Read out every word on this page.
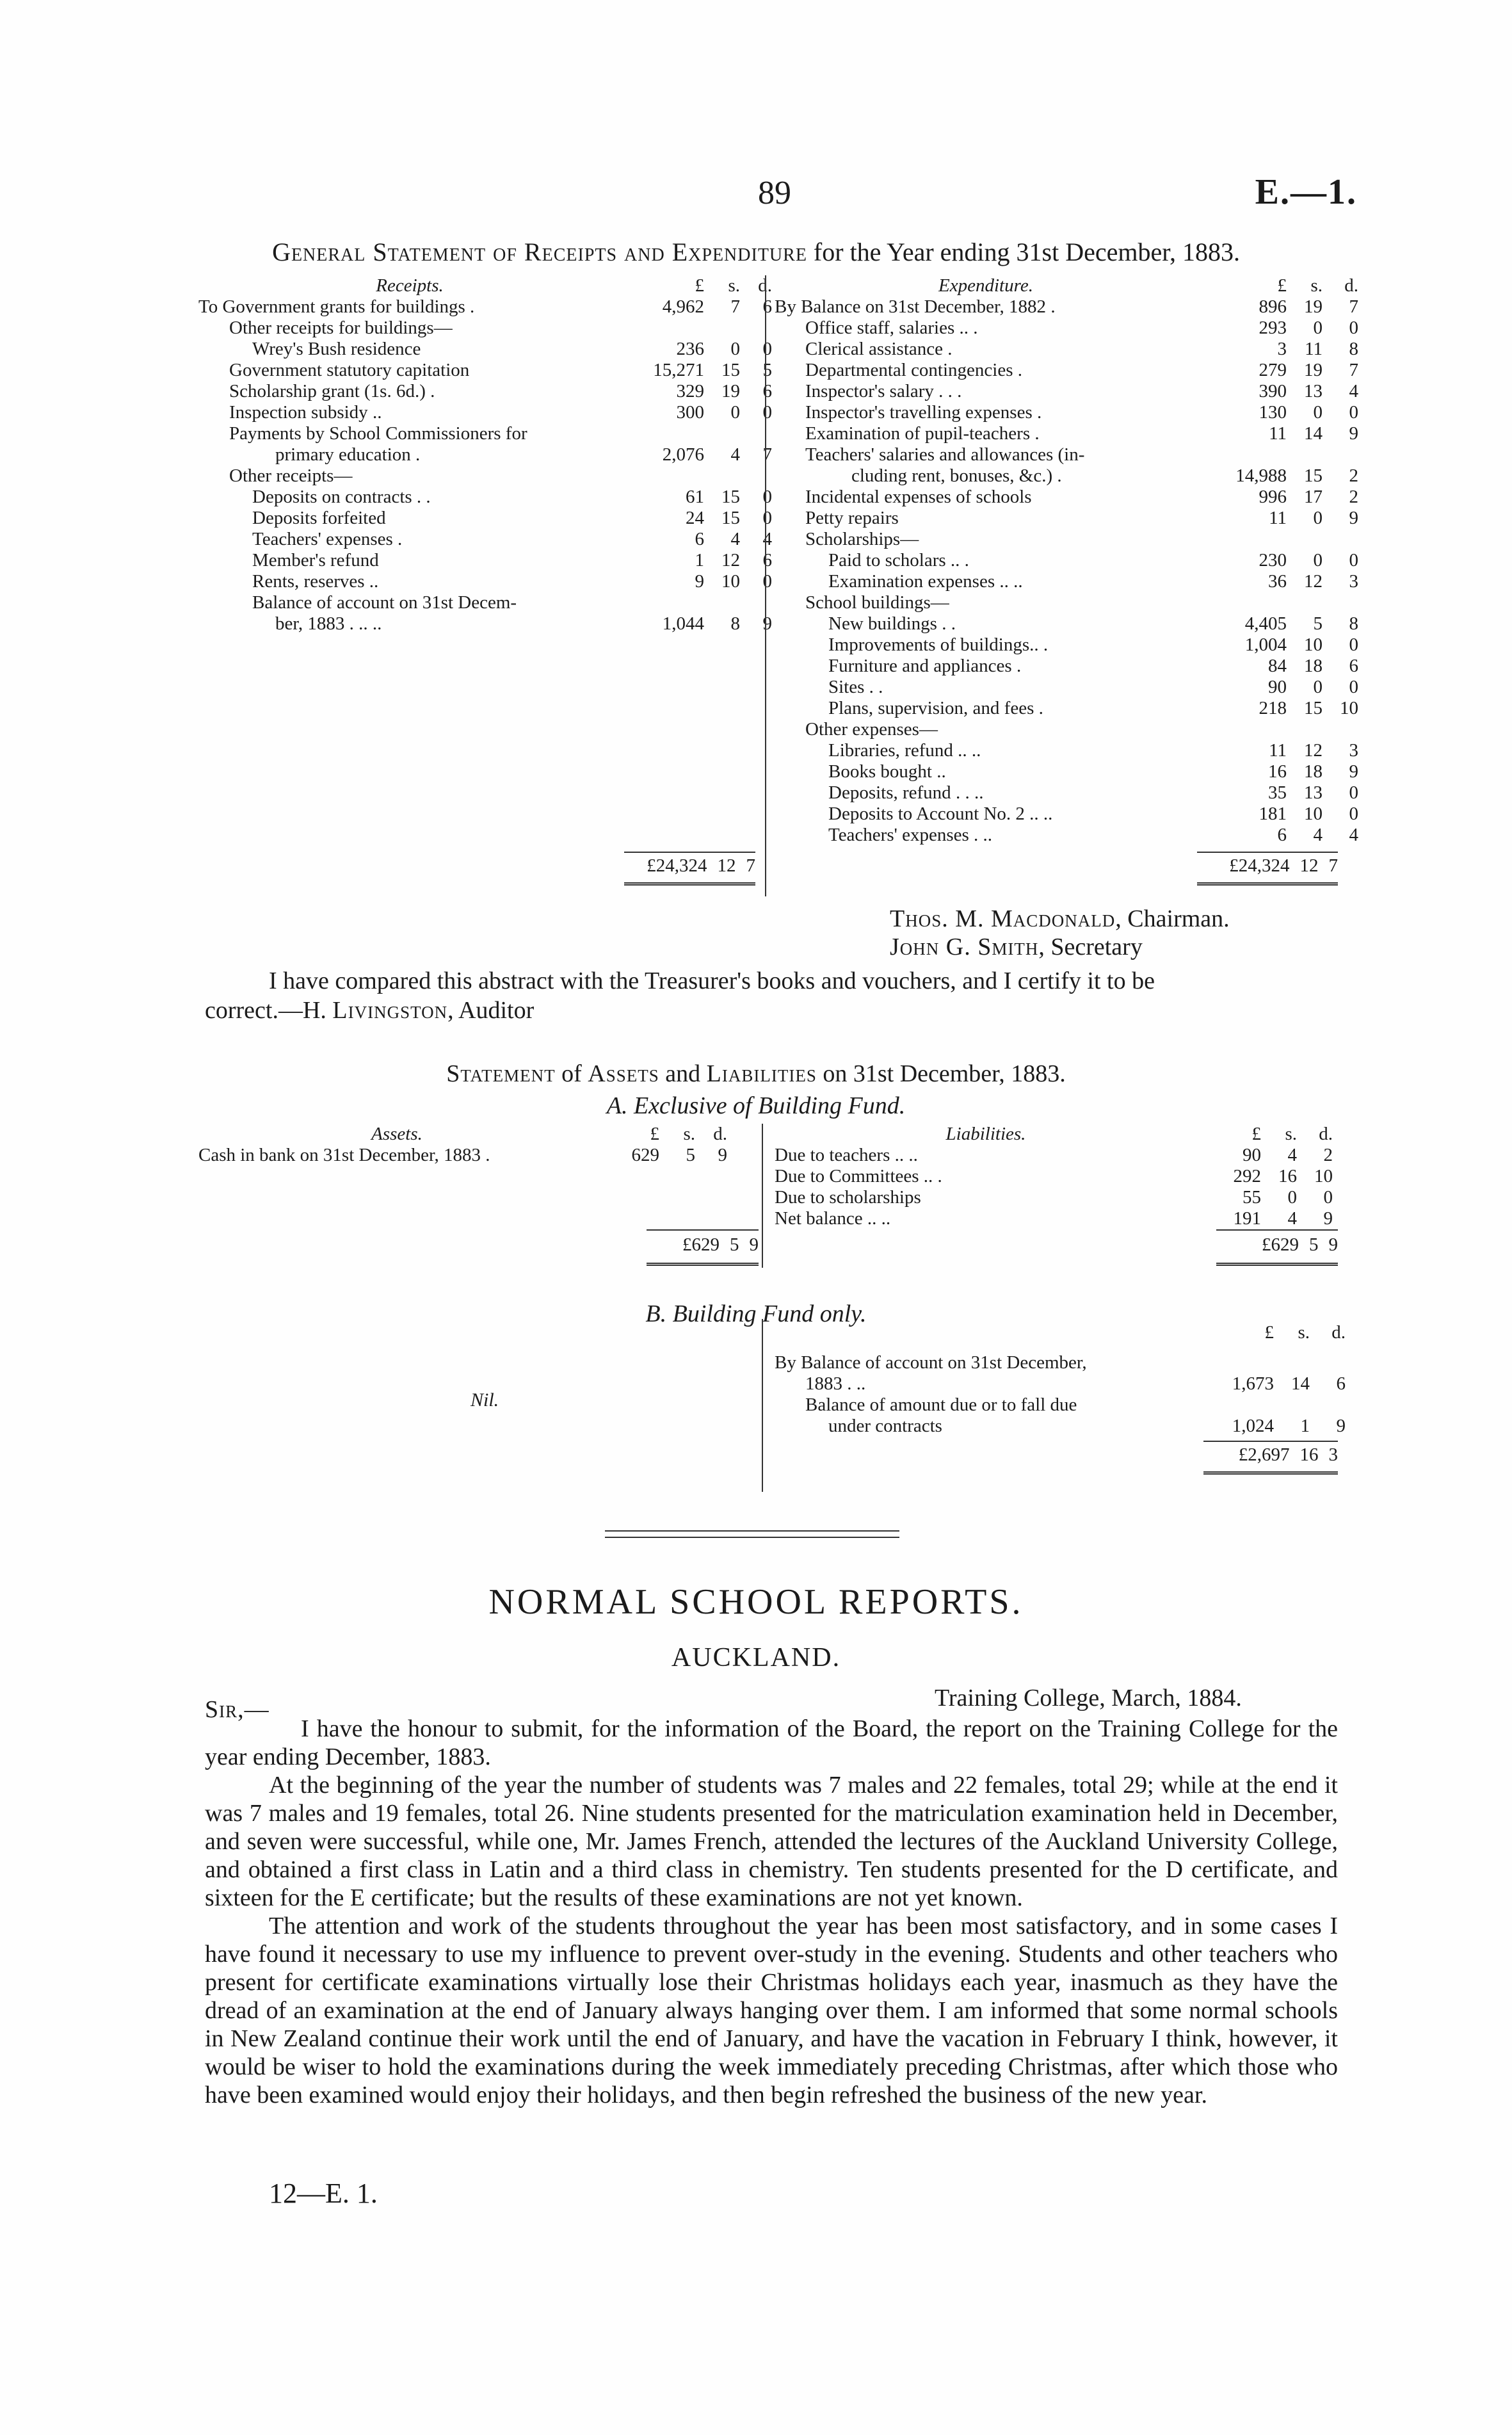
89	E.—1.
General Statement of Receipts and Expenditure for the Year ending 31st December, 1883.
Receipts.	£	s.	d.
To Government grants for buildings .	4,962	7	6
Other receipts for buildings—			
Wrey's Bush residence	236	0	0
Government statutory capitation	15,271	15	5
Scholarship grant (1s. 6d.) .	329	19	6
Inspection subsidy ..	300	0	0
Payments by School Commissioners for			
primary education .	2,076	4	7
Other receipts—			
Deposits on contracts . .	61	15	0
Deposits forfeited	24	15	0
Teachers' expenses .	6	4	4
Member's refund	1	12	6
Rents, reserves ..	9	10	0
Balance of account on 31st Decem-			
ber, 1883 . .. ..	1,044	8	9
£24,324 12 7
Expenditure.	£	s.	d.
By Balance on 31st December, 1882 .	896	19	7
Office staff, salaries .. .	293	0	0
Clerical assistance .	3	11	8
Departmental contingencies .	279	19	7
Inspector's salary . . .	390	13	4
Inspector's travelling expenses .	130	0	0
Examination of pupil-teachers .	11	14	9
Teachers' salaries and allowances (in-			
cluding rent, bonuses, &c.) .	14,988	15	2
Incidental expenses of schools	996	17	2
Petty repairs	11	0	9
Scholarships—			
Paid to scholars .. .	230	0	0
Examination expenses .. ..	36	12	3
School buildings—			
New buildings . .	4,405	5	8
Improvements of buildings.. .	1,004	10	0
Furniture and appliances .	84	18	6
Sites . .	90	0	0
Plans, supervision, and fees .	218	15	10
Other expenses—			
Libraries, refund .. ..	11	12	3
Books bought ..	16	18	9
Deposits, refund . . ..	35	13	0
Deposits to Account No. 2 .. ..	181	10	0
Teachers' expenses . ..	6	4	4
£24,324 12 7
Thos. M. Macdonald, Chairman.
John G. Smith, Secretary
I have compared this abstract with the Treasurer's books and vouchers, and I certify it to be
correct.—H. Livingston, Auditor
Statement of Assets and Liabilities on 31st December, 1883.
A. Exclusive of Building Fund.
Assets.	£	s.	d.
Cash in bank on 31st December, 1883 .	629	5	9
£629 5 9
Liabilities.	£	s.	d.
Due to teachers .. ..	90	4	2
Due to Committees .. .	292	16	10
Due to scholarships	55	0	0
Net balance .. ..	191	4	9
£629 5 9
B. Building Fund only.
Nil.
	£	s.	d.

By Balance of account on 31st December,			
1883 . ..	1,673	14	6
Balance of amount due or to fall due			
under contracts	1,024	1	9
£2,697 16 3
NORMAL SCHOOL REPORTS.
AUCKLAND.
Training College, March, 1884.
Sir,—

I have the honour to submit, for the information of the Board, the report on the Training College for the year ending December, 1883.

At the beginning of the year the number of students was 7 males and 22 females, total 29; while at the end it was 7 males and 19 females, total 26. Nine students presented for the matriculation examination held in December, and seven were successful, while one, Mr. James French, attended the lectures of the Auckland University College, and obtained a first class in Latin and a third class in chemistry. Ten students presented for the D certificate, and sixteen for the E certificate; but the results of these examinations are not yet known.

The attention and work of the students throughout the year has been most satisfactory, and in some cases I have found it necessary to use my influence to prevent over-study in the evening. Students and other teachers who present for certificate examinations virtually lose their Christmas holidays each year, inasmuch as they have the dread of an examination at the end of January always hanging over them. I am informed that some normal schools in New Zealand continue their work until the end of January, and have the vacation in February I think, however, it would be wiser to hold the examinations during the week immediately preceding Christmas, after which those who have been examined would enjoy their holidays, and then begin refreshed the business of the new year.

12—E. 1.
